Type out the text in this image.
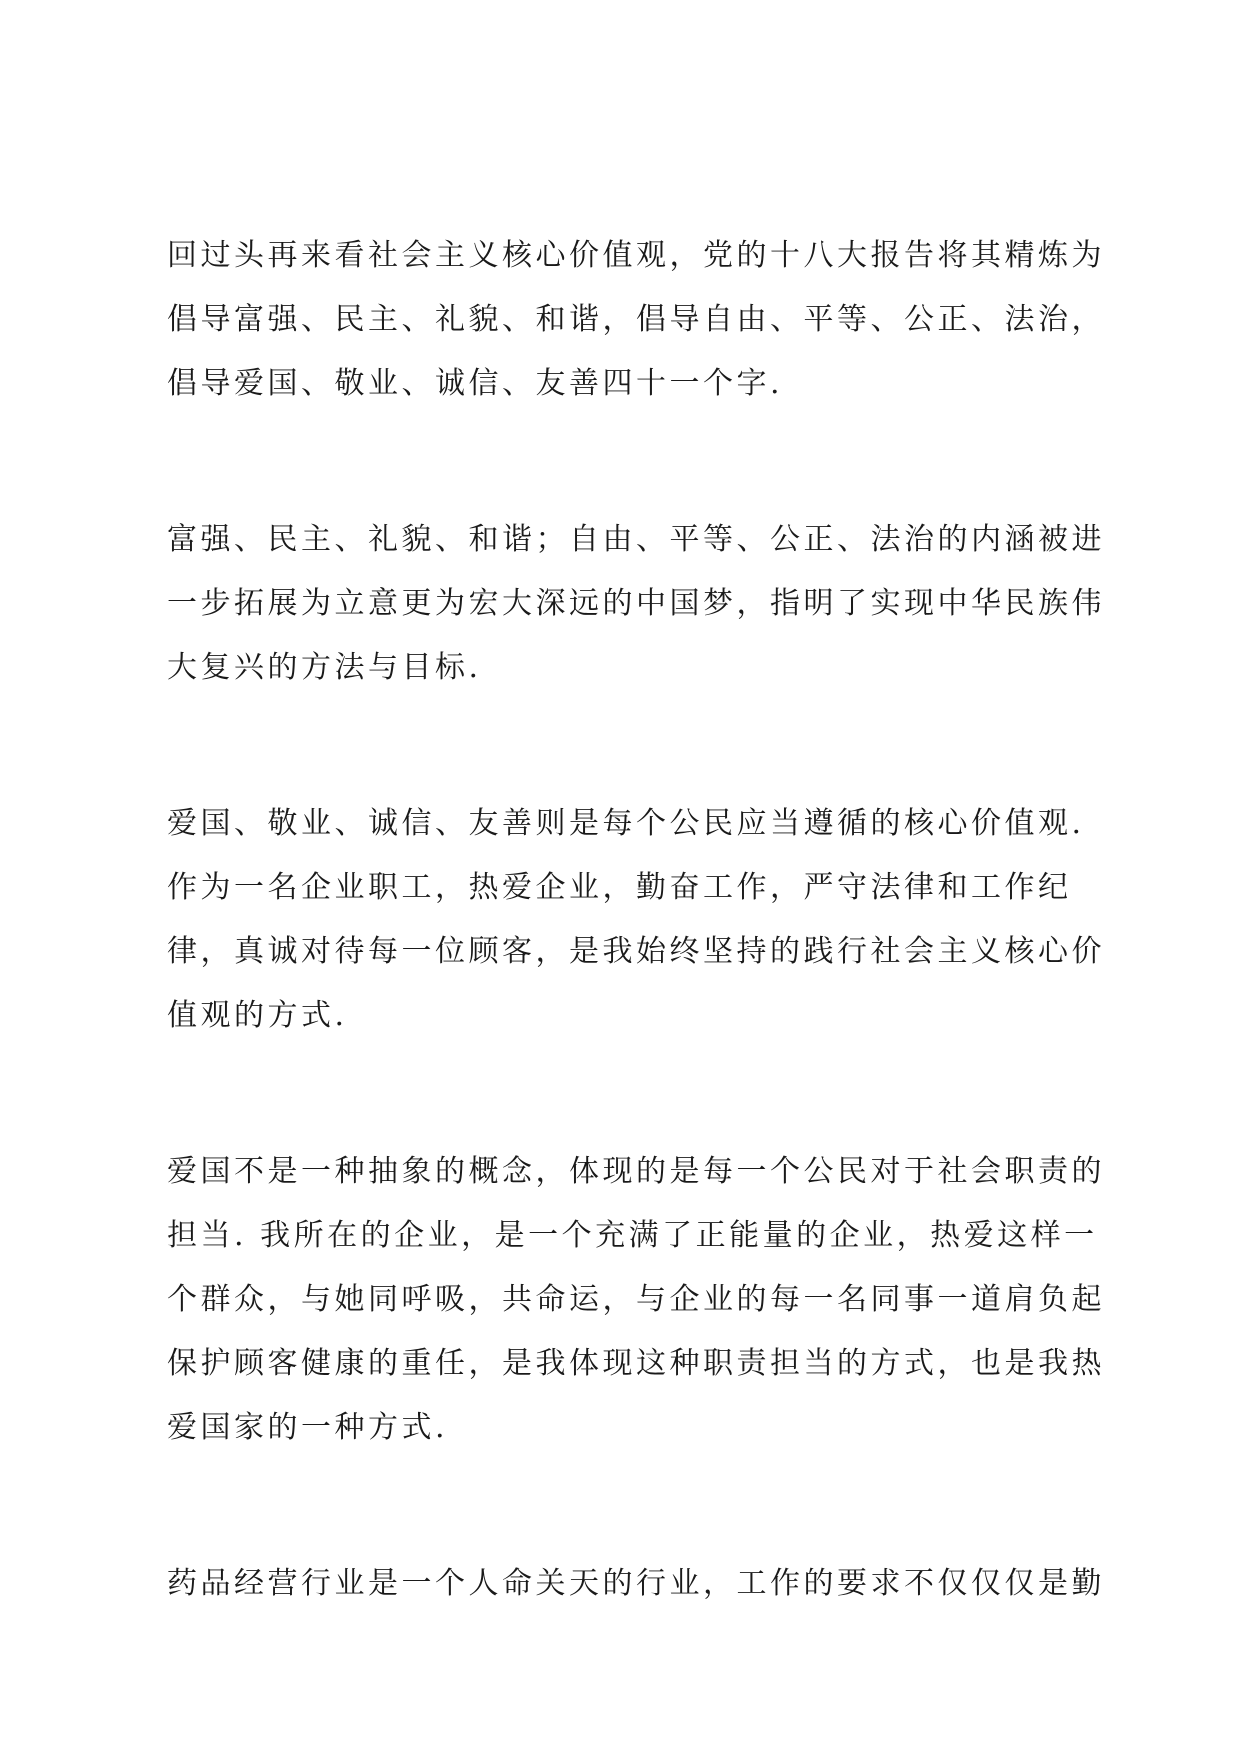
回过头再来看社会主义核心价值观，党的十八大报告将其精炼为
倡导富强、民主、礼貌、和谐，倡导自由、平等、公正、法治，
倡导爱国、敬业、诚信、友善四十一个字.

富强、民主、礼貌、和谐；自由、平等、公正、法治的内涵被进
一步拓展为立意更为宏大深远的中国梦，指明了实现中华民族伟
大复兴的方法与目标.

爱国、敬业、诚信、友善则是每个公民应当遵循的核心价值观.
作为一名企业职工，热爱企业，勤奋工作，严守法律和工作纪
律，真诚对待每一位顾客，是我始终坚持的践行社会主义核心价
值观的方式.

爱国不是一种抽象的概念，体现的是每一个公民对于社会职责的
担当. 我所在的企业，是一个充满了正能量的企业，热爱这样一
个群众，与她同呼吸，共命运，与企业的每一名同事一道肩负起
保护顾客健康的重任，是我体现这种职责担当的方式，也是我热
爱国家的一种方式.

药品经营行业是一个人命关天的行业，工作的要求不仅仅仅是勤
